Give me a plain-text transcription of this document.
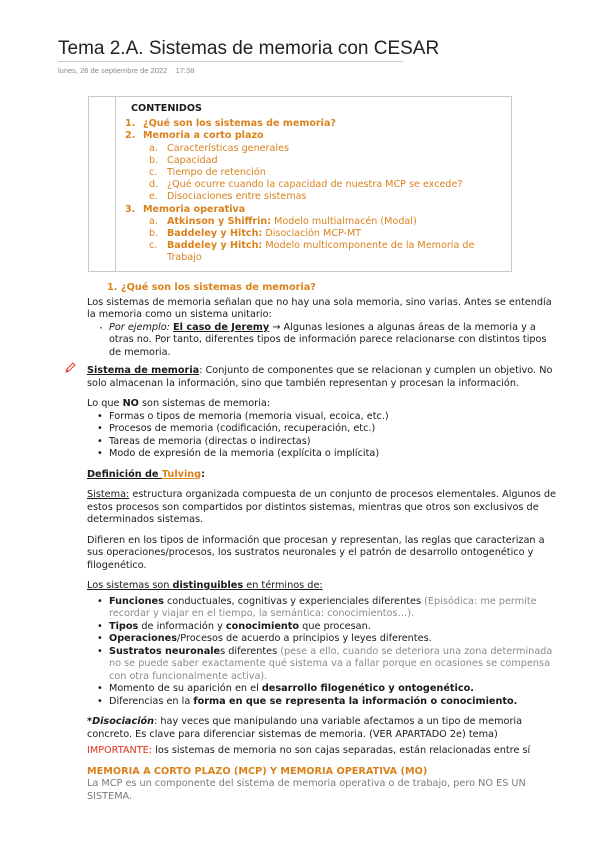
Tema 2.A. Sistemas de memoria con CESAR
lunes, 26 de septiembre de 2022 17:38
CONTENIDOS
1. ¿Qué son los sistemas de memoria?
2. Memoria a corto plazo
a. Características generales
b. Capacidad
c. Tiempo de retención
d. ¿Qué ocurre cuando la capacidad de nuestra MCP se excede?
e. Disociaciones entre sistemas
3. Memoria operativa
a. Atkinson y Shiffrin: Modelo multialmacén (Modal)
b. Baddeley y Hitch: Disociación MCP-MT
c.	Baddeley y Hitch: Modelo multicomponente de la Memoria de Trabajo
1. ¿Qué son los sistemas de memoria?
Los sistemas de memoria señalan que no hay una sola memoria, sino varias. Antes se entendía la memoria como un sistema unitario:
· Por ejemplo: El caso de Jeremy → Algunas lesiones a algunas áreas de la memoria y a otras no. Por tanto, diferentes tipos de información parece relacionarse con distintos tipos de memoria.
Sistema de memoria: Conjunto de componentes que se relacionan y cumplen un objetivo. No solo almacenan la información, sino que también representan y procesan la información.
Lo que NO son sistemas de memoria:
• Formas o tipos de memoria (memoria visual, ecoica, etc.)
• Procesos de memoria (codificación, recuperación, etc.)
• Tareas de memoria (directas o indirectas)
• Modo de expresión de la memoria (explícita o implícita)
Definición de Tulving:
Sistema: estructura organizada compuesta de un conjunto de procesos elementales. Algunos de estos procesos son compartidos por distintos sistemas, mientras que otros son exclusivos de determinados sistemas.
Difieren en los tipos de información que procesan y representan, las reglas que caracterizan a sus operaciones/procesos, los sustratos neuronales y el patrón de desarrollo ontogenético y filogenético.
Los sistemas son distinguibles en términos de:
• Funciones conductuales, cognitivas y experienciales diferentes (Episódica: me permite recordar y viajar en el tiempo, la semántica: conocimientos…).
• Tipos de información y conocimiento que procesan.
• Operaciones/Procesos de acuerdo a principios y leyes diferentes.
• Sustratos neuronales diferentes (pese a ello, cuando se deteriora una zona determinada no se puede saber exactamente qué sistema va a fallar porque en ocasiones se compensa con otra funcionalmente activa).
• Momento de su aparición en el desarrollo filogenético y ontogenético.
• Diferencias en la forma en que se representa la información o conocimiento.
*Disociación: hay veces que manipulando una variable afectamos a un tipo de memoria concreto. Es clave para diferenciar sistemas de memoria. (VER APARTADO 2e) tema)
IMPORTANTE: los sistemas de memoria no son cajas separadas, están relacionadas entre sí
MEMORIA A CORTO PLAZO (MCP) Y MEMORIA OPERATIVA (MO)
La MCP es un componente del sistema de memoria operativa o de trabajo, pero NO ES UN SISTEMA.
